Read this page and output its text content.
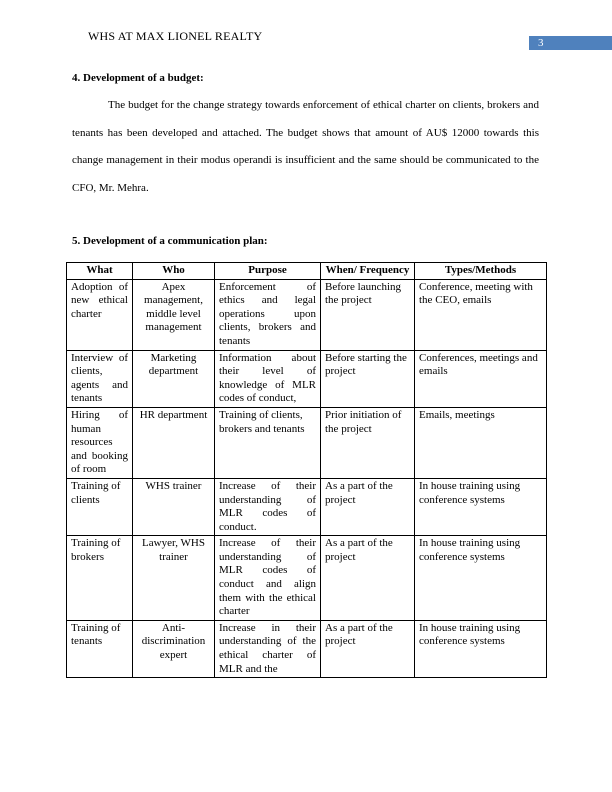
WHS AT MAX LIONEL REALTY	3
4. Development of a budget:
The budget for the change strategy towards enforcement of ethical charter on clients, brokers and tenants has been developed and attached. The budget shows that amount of AU$ 12000 towards this change management in their modus operandi is insufficient and the same should be communicated to the CFO, Mr. Mehra.
5. Development of a communication plan:
What	Who	Purpose	When/ Frequency	Types/Methods
Adoption of new ethical charter	Apex management, middle level management	Enforcement of ethics and legal operations upon clients, brokers and tenants	Before launching the project	Conference, meeting with the CEO, emails
Interview of clients, agents and tenants	Marketing department	Information about their level of knowledge of MLR codes of conduct,	Before starting the project	Conferences, meetings and emails
Hiring of human resources and booking of room	HR department	Training of clients, brokers and tenants	Prior initiation of the project	Emails, meetings
Training of clients	WHS trainer	Increase of their understanding of MLR codes of conduct.	As a part of the project	In house training using conference systems
Training of brokers	Lawyer, WHS trainer	Increase of their understanding of MLR codes of conduct and align them with the ethical charter	As a part of the project	In house training using conference systems
Training of tenants	Anti-discrimination expert	Increase in their understanding of the ethical charter of MLR and the	As a part of the project	In house training using conference systems
